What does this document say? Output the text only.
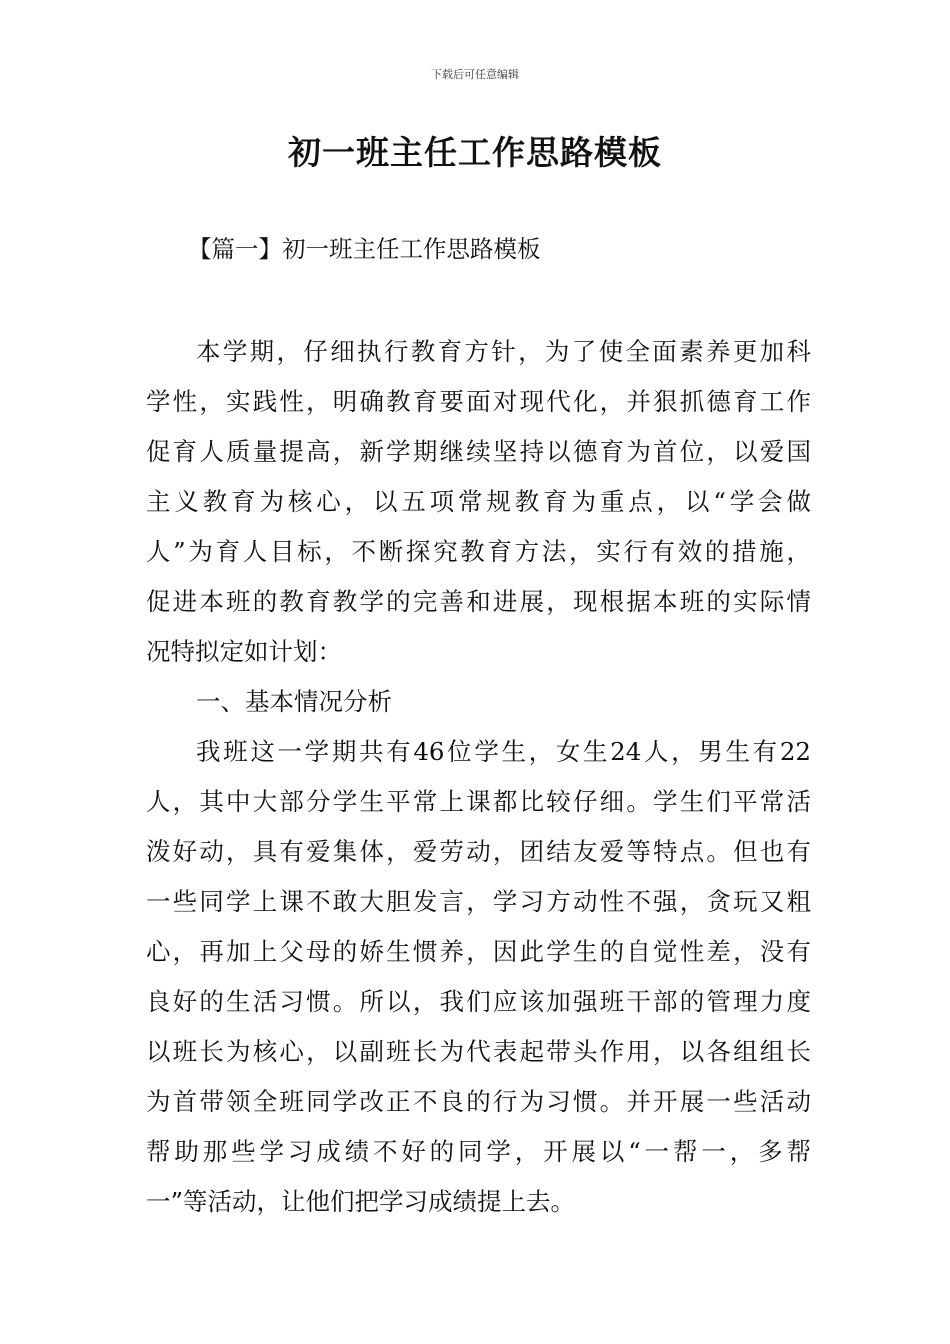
下载后可任意编辑
初一班主任工作思路模板
【篇一】初一班主任工作思路模板
本学期，仔细执行教育方针，为了使全面素养更加科
学性，实践性，明确教育要面对现代化，并狠抓德育工作
促育人质量提高，新学期继续坚持以德育为首位，以爱国
主义教育为核心，以五项常规教育为重点，以“学会做
人”为育人目标，不断探究教育方法，实行有效的措施，
促进本班的教育教学的完善和进展，现根据本班的实际情
况特拟定如计划：
一、基本情况分析
我班这一学期共有46位学生，女生24人，男生有22
人，其中大部分学生平常上课都比较仔细。学生们平常活
泼好动，具有爱集体，爱劳动，团结友爱等特点。但也有
一些同学上课不敢大胆发言，学习方动性不强，贪玩又粗
心，再加上父母的娇生惯养，因此学生的自觉性差，没有
良好的生活习惯。所以，我们应该加强班干部的管理力度
以班长为核心，以副班长为代表起带头作用，以各组组长
为首带领全班同学改正不良的行为习惯。并开展一些活动
帮助那些学习成绩不好的同学，开展以“一帮一，多帮
一”等活动，让他们把学习成绩提上去。
